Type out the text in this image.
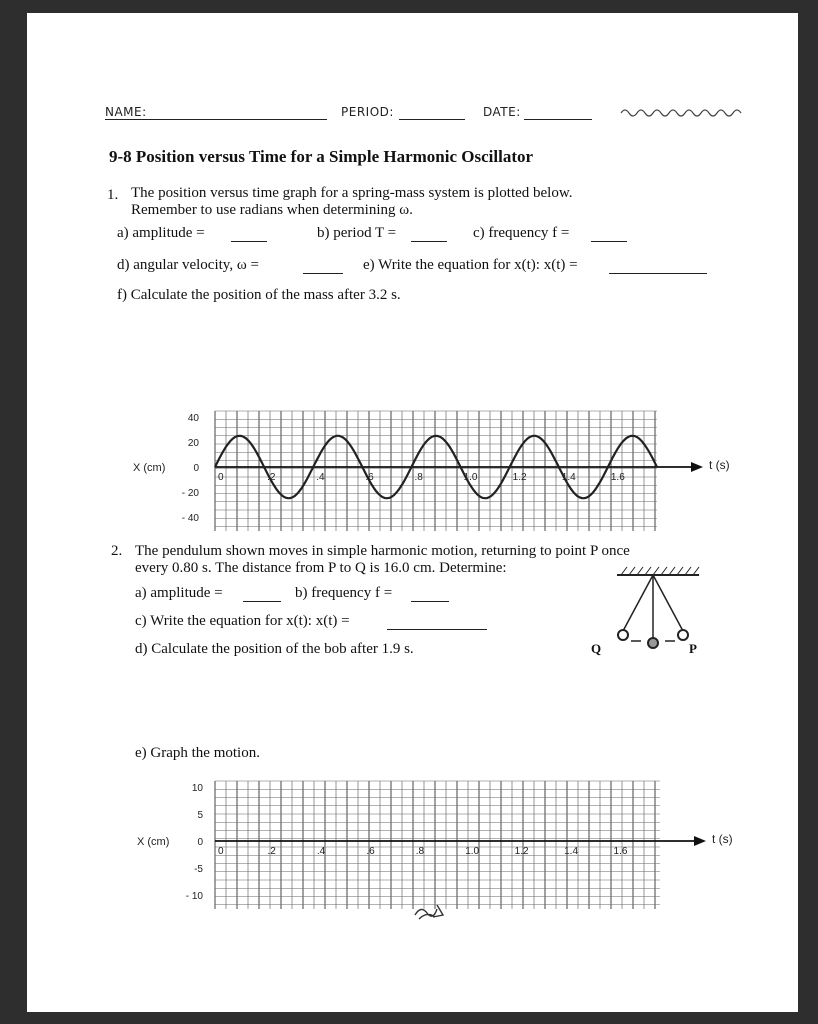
NAME:	PERIOD:	DATE:
9-8 Position versus Time for a Simple Harmonic Oscillator
1. The position versus time graph for a spring-mass system is plotted below.
Remember to use radians when determining ω.
a) amplitude =	b) period T =	c) frequency f =
d) angular velocity, ω =	e) Write the equation for x(t): x(t) =
f) Calculate the position of the mass after 3.2 s.
0	.2	.4	.6	.8	1.0	1.2	1.4	1.6
40
20
0
- 20
- 40
X (cm)	t (s)
2. The pendulum shown moves in simple harmonic motion, returning to point P once
every 0.80 s. The distance from P to Q is 16.0 cm. Determine:
a) amplitude =	b) frequency f =
c) Write the equation for x(t): x(t) =
d) Calculate the position of the bob after 1.9 s.	Q	P
e) Graph the motion.
0	.2	.4	.6	.8	1.0	1.2	1.4	1.6
10
5
0
-5
- 10
X (cm)	t (s)
